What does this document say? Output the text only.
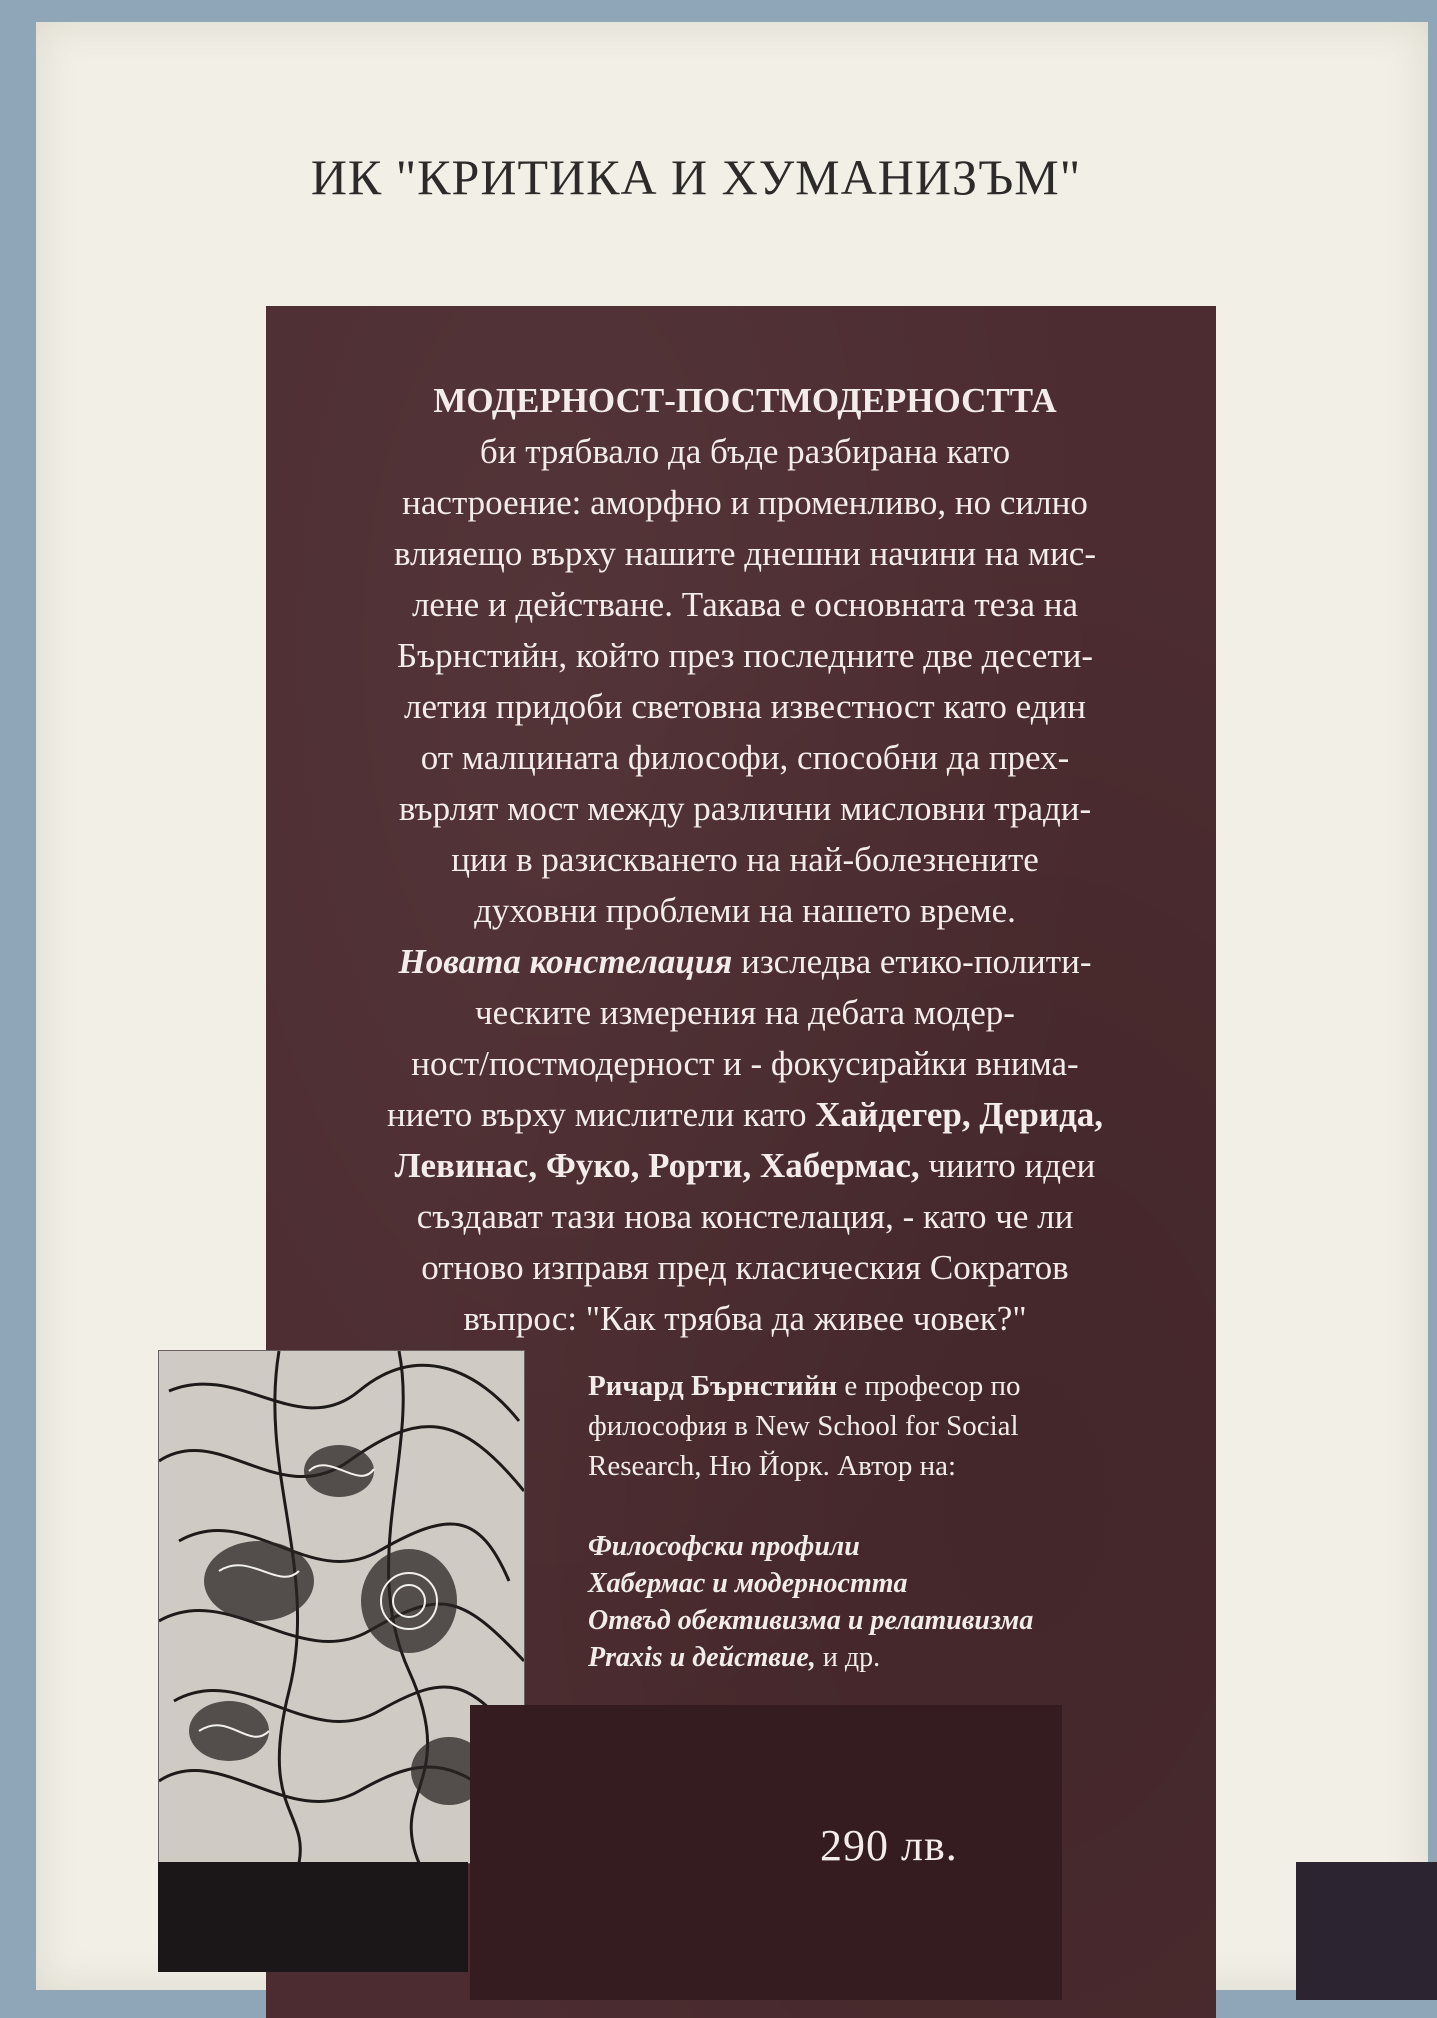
ИК "КРИТИКА И ХУМАНИЗЪМ"
МОДЕРНОСТ-ПОСТМОДЕРНОСТТА
би трябвало да бъде разбирана като
настроение: аморфно и променливо, но силно
влияещо върху нашите днешни начини на мис-
лене и действане. Такава е основната теза на
Бърнстийн, който през последните две десети-
летия придоби световна известност като един
от малцината философи, способни да прех-
върлят мост между различни мисловни тради-
ции в разискването на най-болезнените
духовни проблеми на нашето време.
Новата констелация изследва етико-полити-
ческите измерения на дебата модер-
ност/постмодерност и - фокусирайки внима-
нието върху мислители като Хайдегер, Дерида,
Левинас, Фуко, Рорти, Хабермас, чиито идеи
създават тази нова констелация, - като че ли
отново изправя пред класическия Сократов
въпрос: "Как трябва да живее човек?"
Ричард Бърнстийн е професор по
философия в New School for Social
Research, Ню Йорк. Автор на:
Философски профили
Хабермас и модерността
Отвъд обективизма и релативизма
Praxis и действие, и др.
290 лв.
